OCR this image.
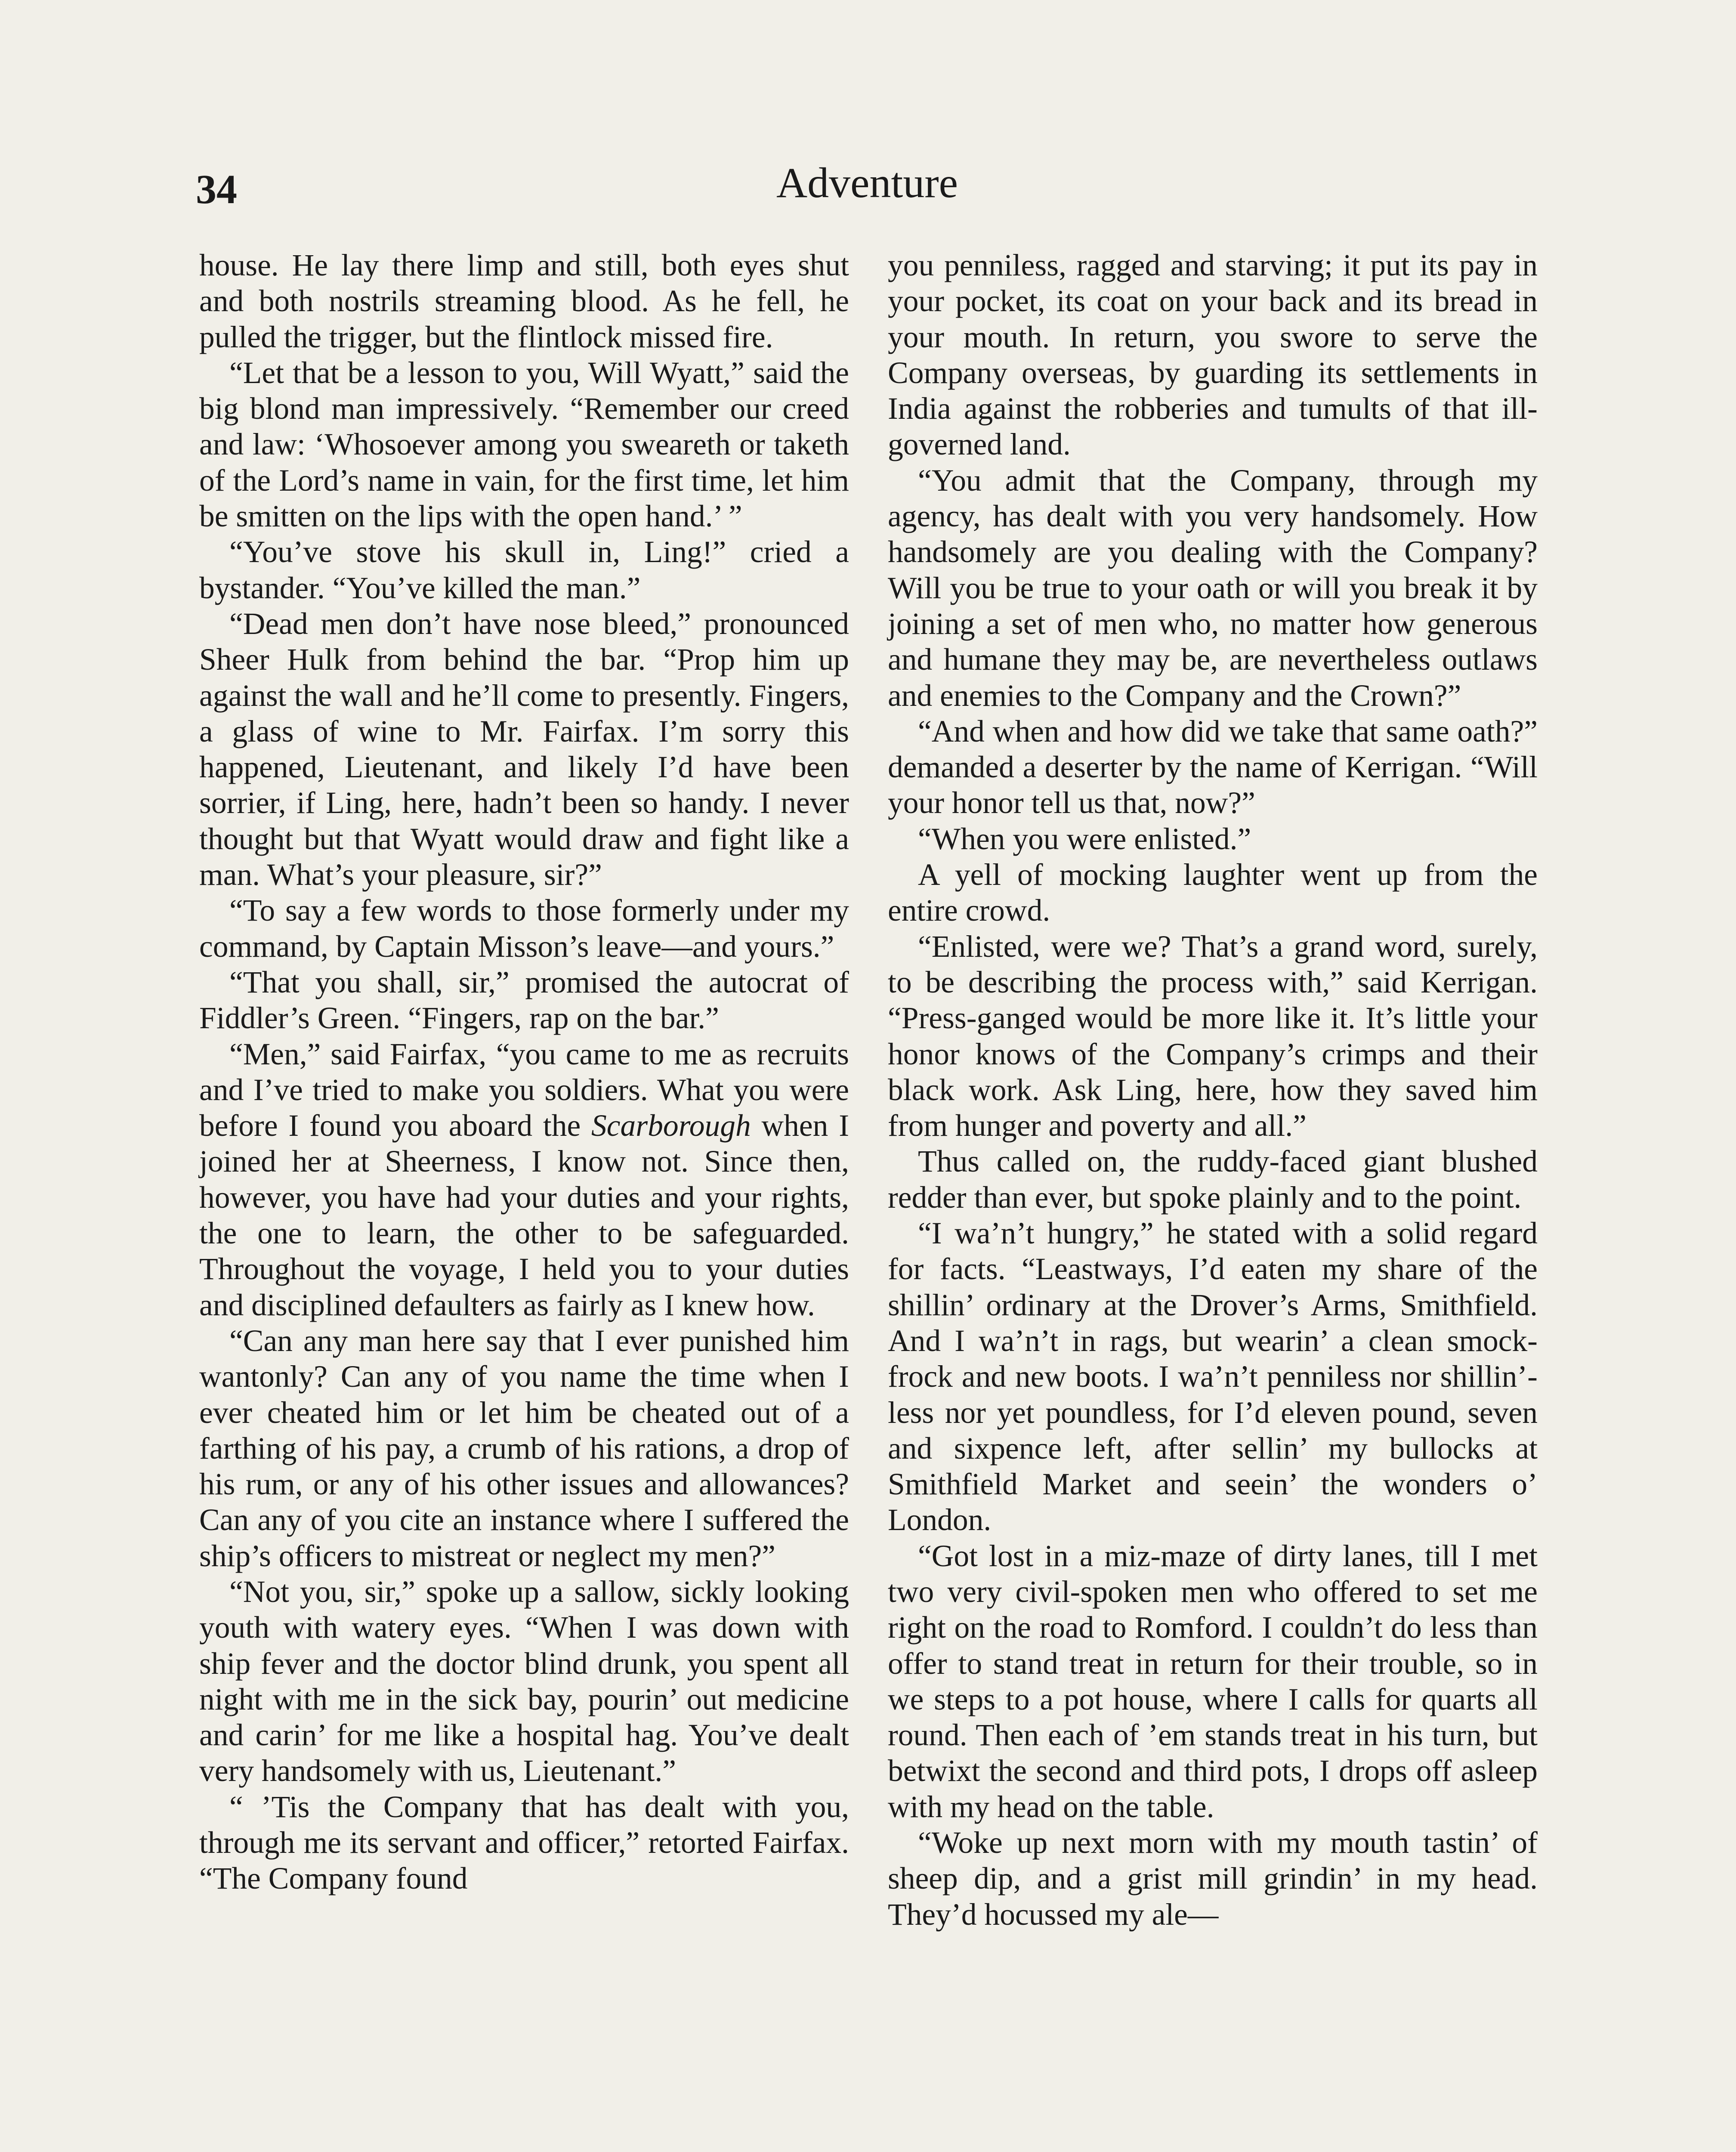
34	Adventure

house. He lay there limp and still, both eyes shut and both nostrils streaming blood. As he fell, he pulled the trigger, but the flintlock missed fire.

“Let that be a lesson to you, Will Wyatt,” said the big blond man impressively. “Remember our creed and law: ‘Whosoever among you sweareth or taketh of the Lord’s name in vain, for the first time, let him be smitten on the lips with the open hand.’ ”

“You’ve stove his skull in, Ling!” cried a bystander. “You’ve killed the man.”

“Dead men don’t have nose bleed,” pronounced Sheer Hulk from behind the bar. “Prop him up against the wall and he’ll come to presently. Fingers, a glass of wine to Mr. Fairfax. I’m sorry this happened, Lieutenant, and likely I’d have been sorrier, if Ling, here, hadn’t been so handy. I never thought but that Wyatt would draw and fight like a man. What’s your pleasure, sir?”

“To say a few words to those formerly under my command, by Captain Misson’s leave—and yours.”

“That you shall, sir,” promised the autocrat of Fiddler’s Green. “Fingers, rap on the bar.”

“Men,” said Fairfax, “you came to me as recruits and I’ve tried to make you soldiers. What you were before I found you aboard the Scarborough when I joined her at Sheerness, I know not. Since then, however, you have had your duties and your rights, the one to learn, the other to be safeguarded. Throughout the voyage, I held you to your duties and disciplined defaulters as fairly as I knew how.

“Can any man here say that I ever punished him wantonly? Can any of you name the time when I ever cheated him or let him be cheated out of a farthing of his pay, a crumb of his rations, a drop of his rum, or any of his other issues and allowances? Can any of you cite an instance where I suffered the ship’s officers to mistreat or neglect my men?”

“Not you, sir,” spoke up a sallow, sickly looking youth with watery eyes. “When I was down with ship fever and the doctor blind drunk, you spent all night with me in the sick bay, pourin’ out medicine and carin’ for me like a hospital hag. You’ve dealt very handsomely with us, Lieutenant.”

“ ’Tis the Company that has dealt with you, through me its servant and officer,” retorted Fairfax. “The Company found

you penniless, ragged and starving; it put its pay in your pocket, its coat on your back and its bread in your mouth. In return, you swore to serve the Company overseas, by guarding its settlements in India against the robberies and tumults of that ill-governed land.

“You admit that the Company, through my agency, has dealt with you very handsomely. How handsomely are you dealing with the Company? Will you be true to your oath or will you break it by joining a set of men who, no matter how generous and humane they may be, are nevertheless outlaws and enemies to the Company and the Crown?”

“And when and how did we take that same oath?” demanded a deserter by the name of Kerrigan. “Will your honor tell us that, now?”

“When you were enlisted.”

A yell of mocking laughter went up from the entire crowd.

“Enlisted, were we? That’s a grand word, surely, to be describing the process with,” said Kerrigan. “Press-ganged would be more like it. It’s little your honor knows of the Company’s crimps and their black work. Ask Ling, here, how they saved him from hunger and poverty and all.”

Thus called on, the ruddy-faced giant blushed redder than ever, but spoke plainly and to the point.

“I wa’n’t hungry,” he stated with a solid regard for facts. “Leastways, I’d eaten my share of the shillin’ ordinary at the Drover’s Arms, Smithfield. And I wa’n’t in rags, but wearin’ a clean smock-frock and new boots. I wa’n’t penniless nor shillin’-less nor yet poundless, for I’d eleven pound, seven and sixpence left, after sellin’ my bullocks at Smithfield Market and seein’ the wonders o’ London.

“Got lost in a miz-maze of dirty lanes, till I met two very civil-spoken men who offered to set me right on the road to Romford. I couldn’t do less than offer to stand treat in return for their trouble, so in we steps to a pot house, where I calls for quarts all round. Then each of ’em stands treat in his turn, but betwixt the second and third pots, I drops off asleep with my head on the table.

“Woke up next morn with my mouth tastin’ of sheep dip, and a grist mill grindin’ in my head. They’d hocussed my ale—
